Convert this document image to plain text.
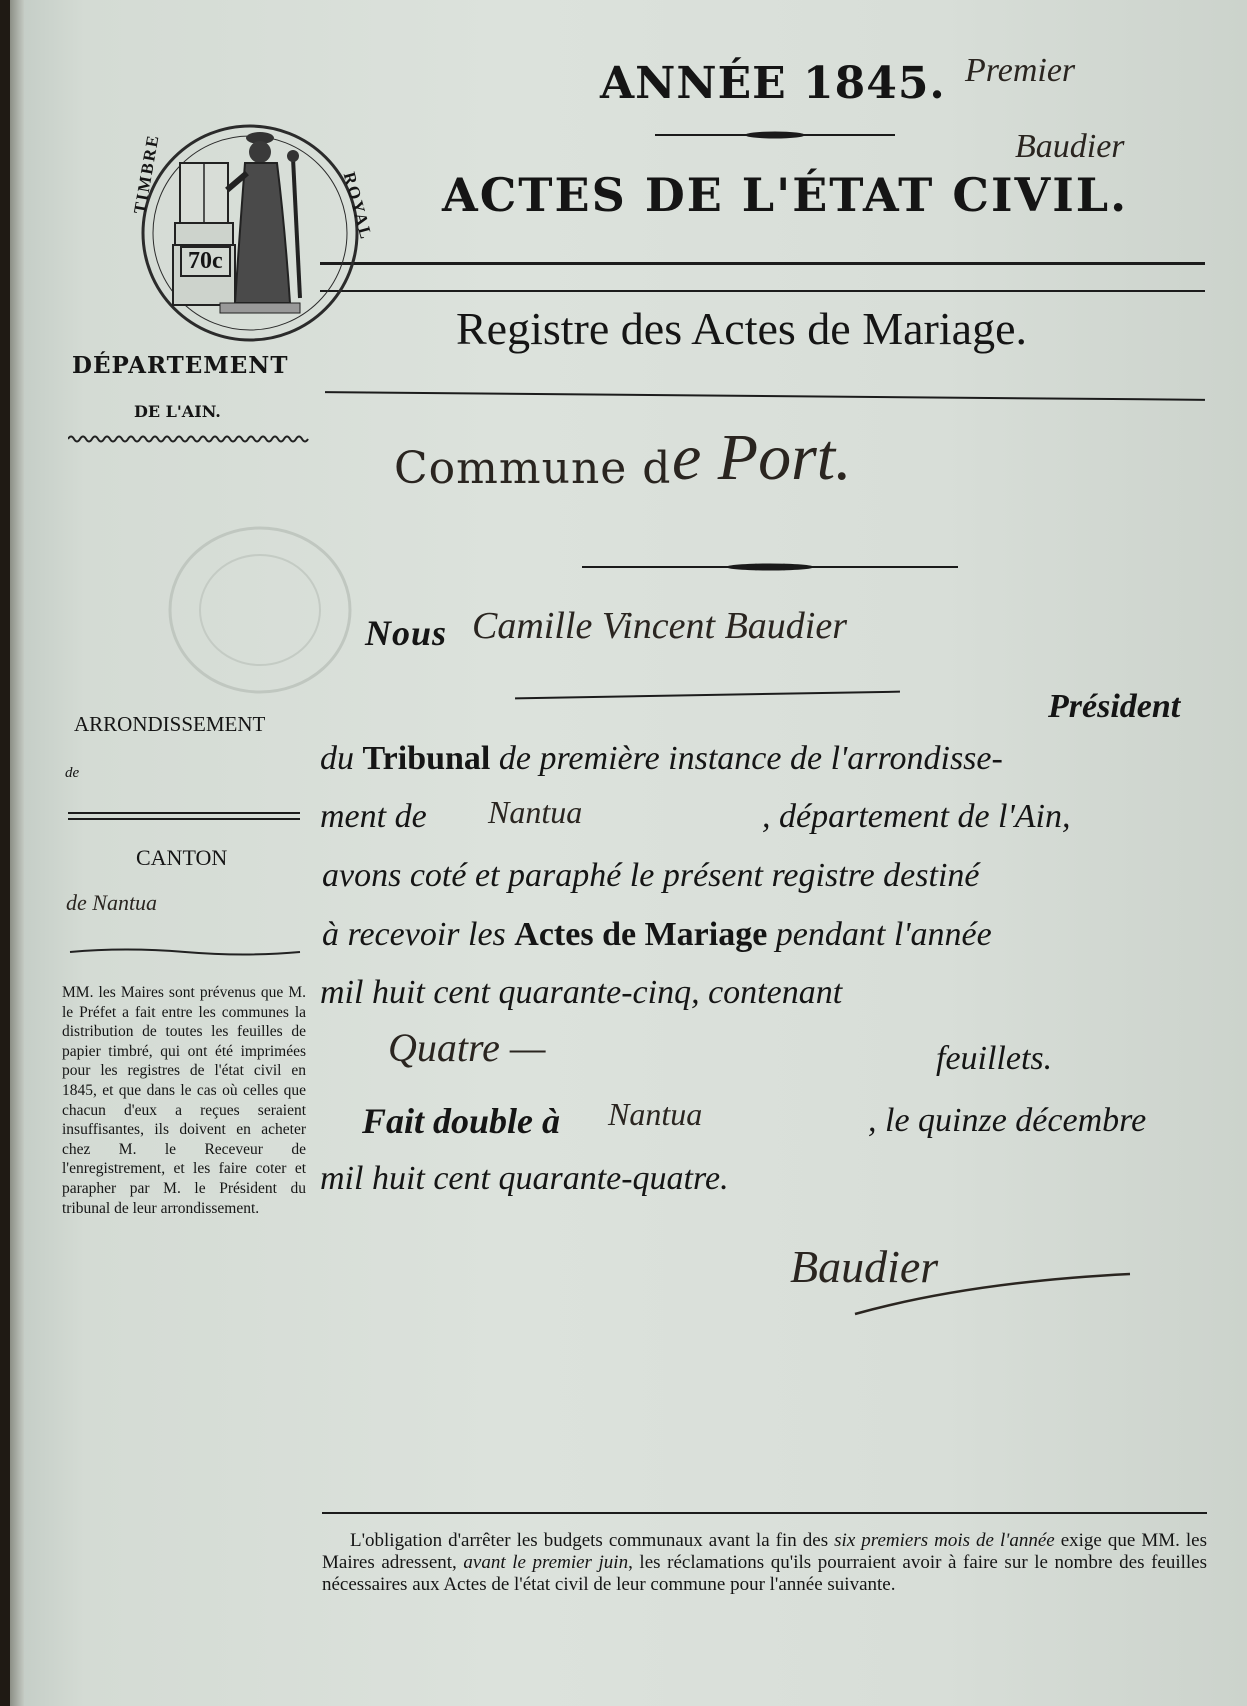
ANNÉE 1845. Premier
Baudier
ACTES DE L'ÉTAT CIVIL.
TIMBRE	ROYAL
70c
DÉPARTEMENT
DE L'AIN.
ARRONDISSEMENT
de
CANTON
de Nantua
MM. les Maires sont prévenus que M. le Préfet a fait entre les communes la distribution de toutes les feuilles de papier timbré, qui ont été imprimées pour les registres de l'état civil en 1845, et que dans le cas où celles que chacun d'eux a reçues seraient insuffisantes, ils doivent en acheter chez M. le Receveur de l'enregistrement, et les faire coter et parapher par M. le Président du tribunal de leur arrondissement.
Registre des Actes de Mariage.
Commune d e Port.
Nous Camille Vincent Baudier
Président
du Tribunal de première instance de l'arrondisse-
ment de Nantua	, département de l'Ain,
avons coté et paraphé le présent registre destiné
à recevoir les Actes de Mariage pendant l'année
mil huit cent quarante-cinq, contenant
Quatre —	feuillets.
Fait double à Nantua	, le quinze décembre
mil huit cent quarante-quatre.
Baudier
L'obligation d'arrêter les budgets communaux avant la fin des six premiers mois de l'année exige que MM. les Maires adressent, avant le premier juin, les réclamations qu'ils pourraient avoir à faire sur le nombre des feuilles nécessaires aux Actes de l'état civil de leur commune pour l'année suivante.
